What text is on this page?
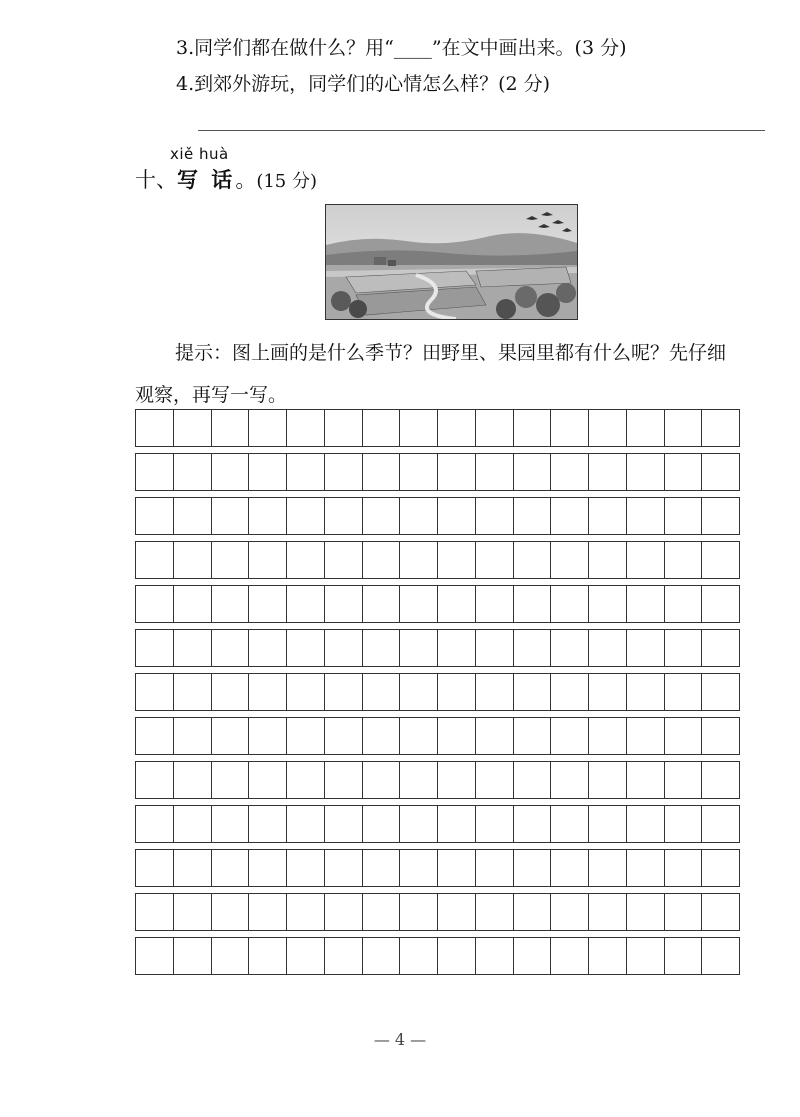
3.同学们都在做什么？用“____”在文中画出来。(3 分)
4.到郊外游玩，同学们的心情怎么样？(2 分)
xiě huà
十、写 话。(15 分)
提示：图上画的是什么季节？田野里、果园里都有什么呢？先仔细
观察，再写一写。
— 4 —
